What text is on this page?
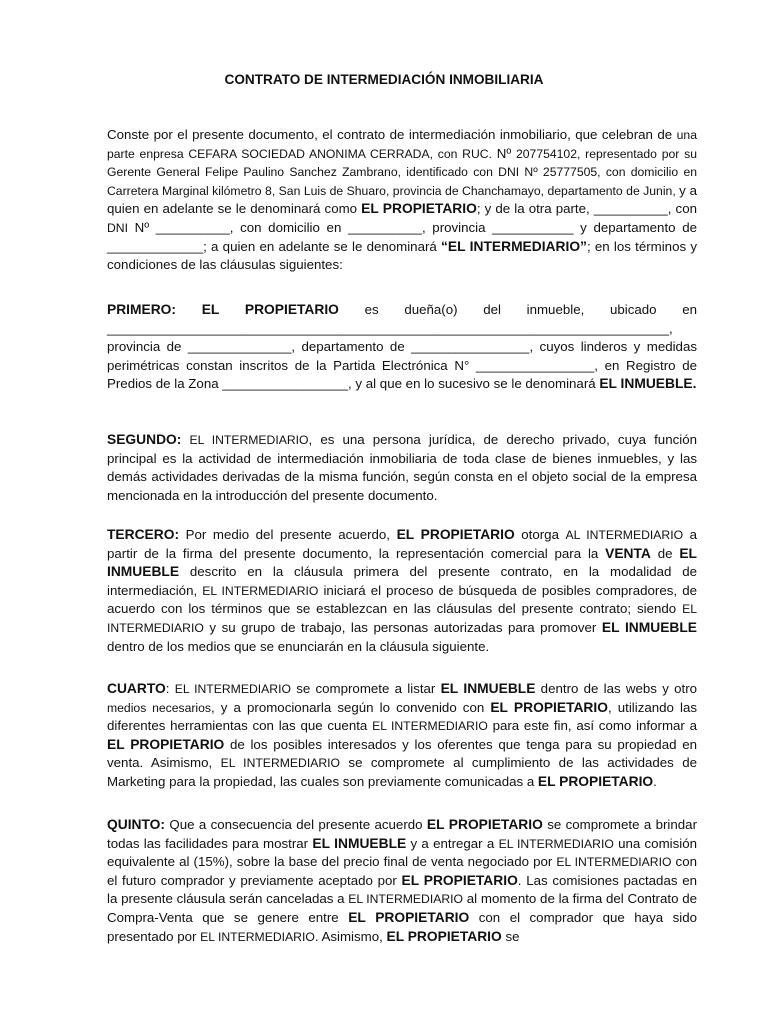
CONTRATO DE INTERMEDIACIÓN INMOBILIARIA

Conste por el presente documento, el contrato de intermediación inmobiliario, que celebran de una parte enpresa CEFARA SOCIEDAD ANONIMA CERRADA, con RUC. Nº 207754102, representado por su Gerente General Felipe Paulino Sanchez Zambrano, identificado con DNI Nº 25777505, con domicilio en Carretera Marginal kilómetro 8, San Luis de Shuaro, provincia de Chanchamayo, departamento de Junin, y a quien en adelante se le denominará como EL PROPIETARIO; y de la otra parte, __________, con DNI Nº __________, con domicilio en __________, provincia ___________ y departamento de _____________; a quien en adelante se le denominará “EL INTERMEDIARIO”; en los términos y condiciones de las cláusulas siguientes:

PRIMERO: EL PROPIETARIO es dueña(o) del inmueble, ubicado en ____________________________________________________________________________, provincia de ______________, departamento de ________________, cuyos linderos y medidas perimétricas constan inscritos de la Partida Electrónica N° ________________, en Registro de Predios de la Zona _________________, y al que en lo sucesivo se le denominará EL INMUEBLE.

SEGUNDO: EL INTERMEDIARIO, es una persona jurídica, de derecho privado, cuya función principal es la actividad de intermediación inmobiliaria de toda clase de bienes inmuebles, y las demás actividades derivadas de la misma función, según consta en el objeto social de la empresa mencionada en la introducción del presente documento.

TERCERO: Por medio del presente acuerdo, EL PROPIETARIO otorga AL INTERMEDIARIO a partir de la firma del presente documento, la representación comercial para la VENTA de EL INMUEBLE descrito en la cláusula primera del presente contrato, en la modalidad de intermediación, EL INTERMEDIARIO iniciará el proceso de búsqueda de posibles compradores, de acuerdo con los términos que se establezcan en las cláusulas del presente contrato; siendo EL INTERMEDIARIO y su grupo de trabajo, las personas autorizadas para promover EL INMUEBLE dentro de los medios que se enunciarán en la cláusula siguiente.

CUARTO: EL INTERMEDIARIO se compromete a listar EL INMUEBLE dentro de las webs y otro medios necesarios, y a promocionarla según lo convenido con EL PROPIETARIO, utilizando las diferentes herramientas con las que cuenta EL INTERMEDIARIO para este fin, así como informar a EL PROPIETARIO de los posibles interesados y los oferentes que tenga para su propiedad en venta. Asimismo, EL INTERMEDIARIO se compromete al cumplimiento de las actividades de Marketing para la propiedad, las cuales son previamente comunicadas a EL PROPIETARIO.

QUINTO: Que a consecuencia del presente acuerdo EL PROPIETARIO se compromete a brindar todas las facilidades para mostrar EL INMUEBLE y a entregar a EL INTERMEDIARIO una comisión equivalente al (15%), sobre la base del precio final de venta negociado por EL INTERMEDIARIO con el futuro comprador y previamente aceptado por EL PROPIETARIO. Las comisiones pactadas en la presente cláusula serán canceladas a EL INTERMEDIARIO al momento de la firma del Contrato de Compra-Venta que se genere entre EL PROPIETARIO con el comprador que haya sido presentado por EL INTERMEDIARIO. Asimismo, EL PROPIETARIO se
